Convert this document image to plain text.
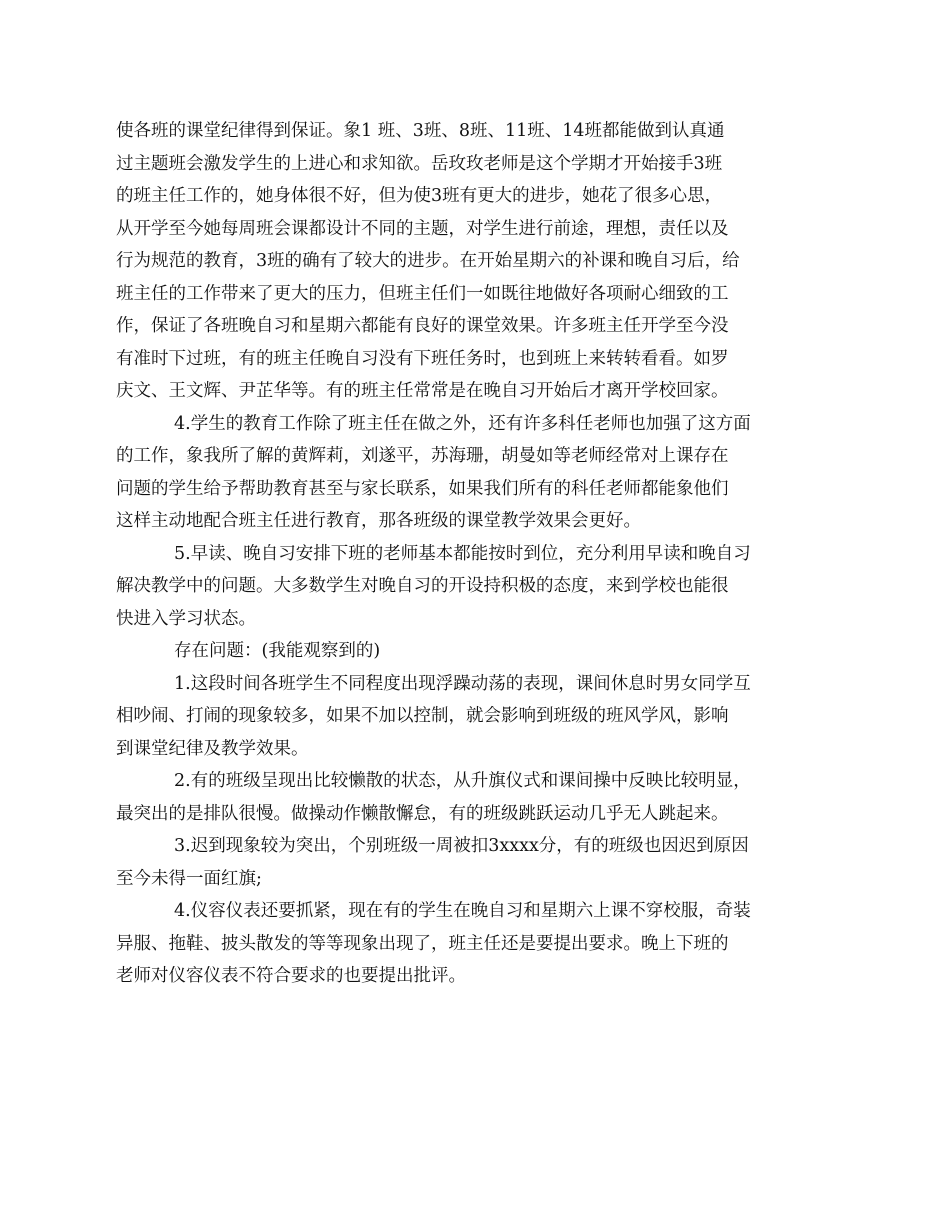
使各班的课堂纪律得到保证。象1 班、3班、8班、11班、14班都能做到认真通
过主题班会激发学生的上进心和求知欲。岳玫玫老师是这个学期才开始接手3班
的班主任工作的，她身体很不好，但为使3班有更大的进步，她花了很多心思，
从开学至今她每周班会课都设计不同的主题，对学生进行前途，理想，责任以及
行为规范的教育，3班的确有了较大的进步。在开始星期六的补课和晚自习后，给
班主任的工作带来了更大的压力，但班主任们一如既往地做好各项耐心细致的工
作，保证了各班晚自习和星期六都能有良好的课堂效果。许多班主任开学至今没
有准时下过班，有的班主任晚自习没有下班任务时，也到班上来转转看看。如罗
庆文、王文辉、尹芷华等。有的班主任常常是在晚自习开始后才离开学校回家。
4.学生的教育工作除了班主任在做之外，还有许多科任老师也加强了这方面
的工作，象我所了解的黄辉莉，刘遂平，苏海珊，胡曼如等老师经常对上课存在
问题的学生给予帮助教育甚至与家长联系，如果我们所有的科任老师都能象他们
这样主动地配合班主任进行教育，那各班级的课堂教学效果会更好。
5.早读、晚自习安排下班的老师基本都能按时到位，充分利用早读和晚自习
解决教学中的问题。大多数学生对晚自习的开设持积极的态度，来到学校也能很
快进入学习状态。
存在问题：(我能观察到的)
1.这段时间各班学生不同程度出现浮躁动荡的表现，课间休息时男女同学互
相吵闹、打闹的现象较多，如果不加以控制，就会影响到班级的班风学风，影响
到课堂纪律及教学效果。
2.有的班级呈现出比较懒散的状态，从升旗仪式和课间操中反映比较明显，
最突出的是排队很慢。做操动作懒散懈怠，有的班级跳跃运动几乎无人跳起来。
3.迟到现象较为突出，个别班级一周被扣3xxxx分，有的班级也因迟到原因
至今未得一面红旗;
4.仪容仪表还要抓紧，现在有的学生在晚自习和星期六上课不穿校服，奇装
异服、拖鞋、披头散发的等等现象出现了，班主任还是要提出要求。晚上下班的
老师对仪容仪表不符合要求的也要提出批评。
